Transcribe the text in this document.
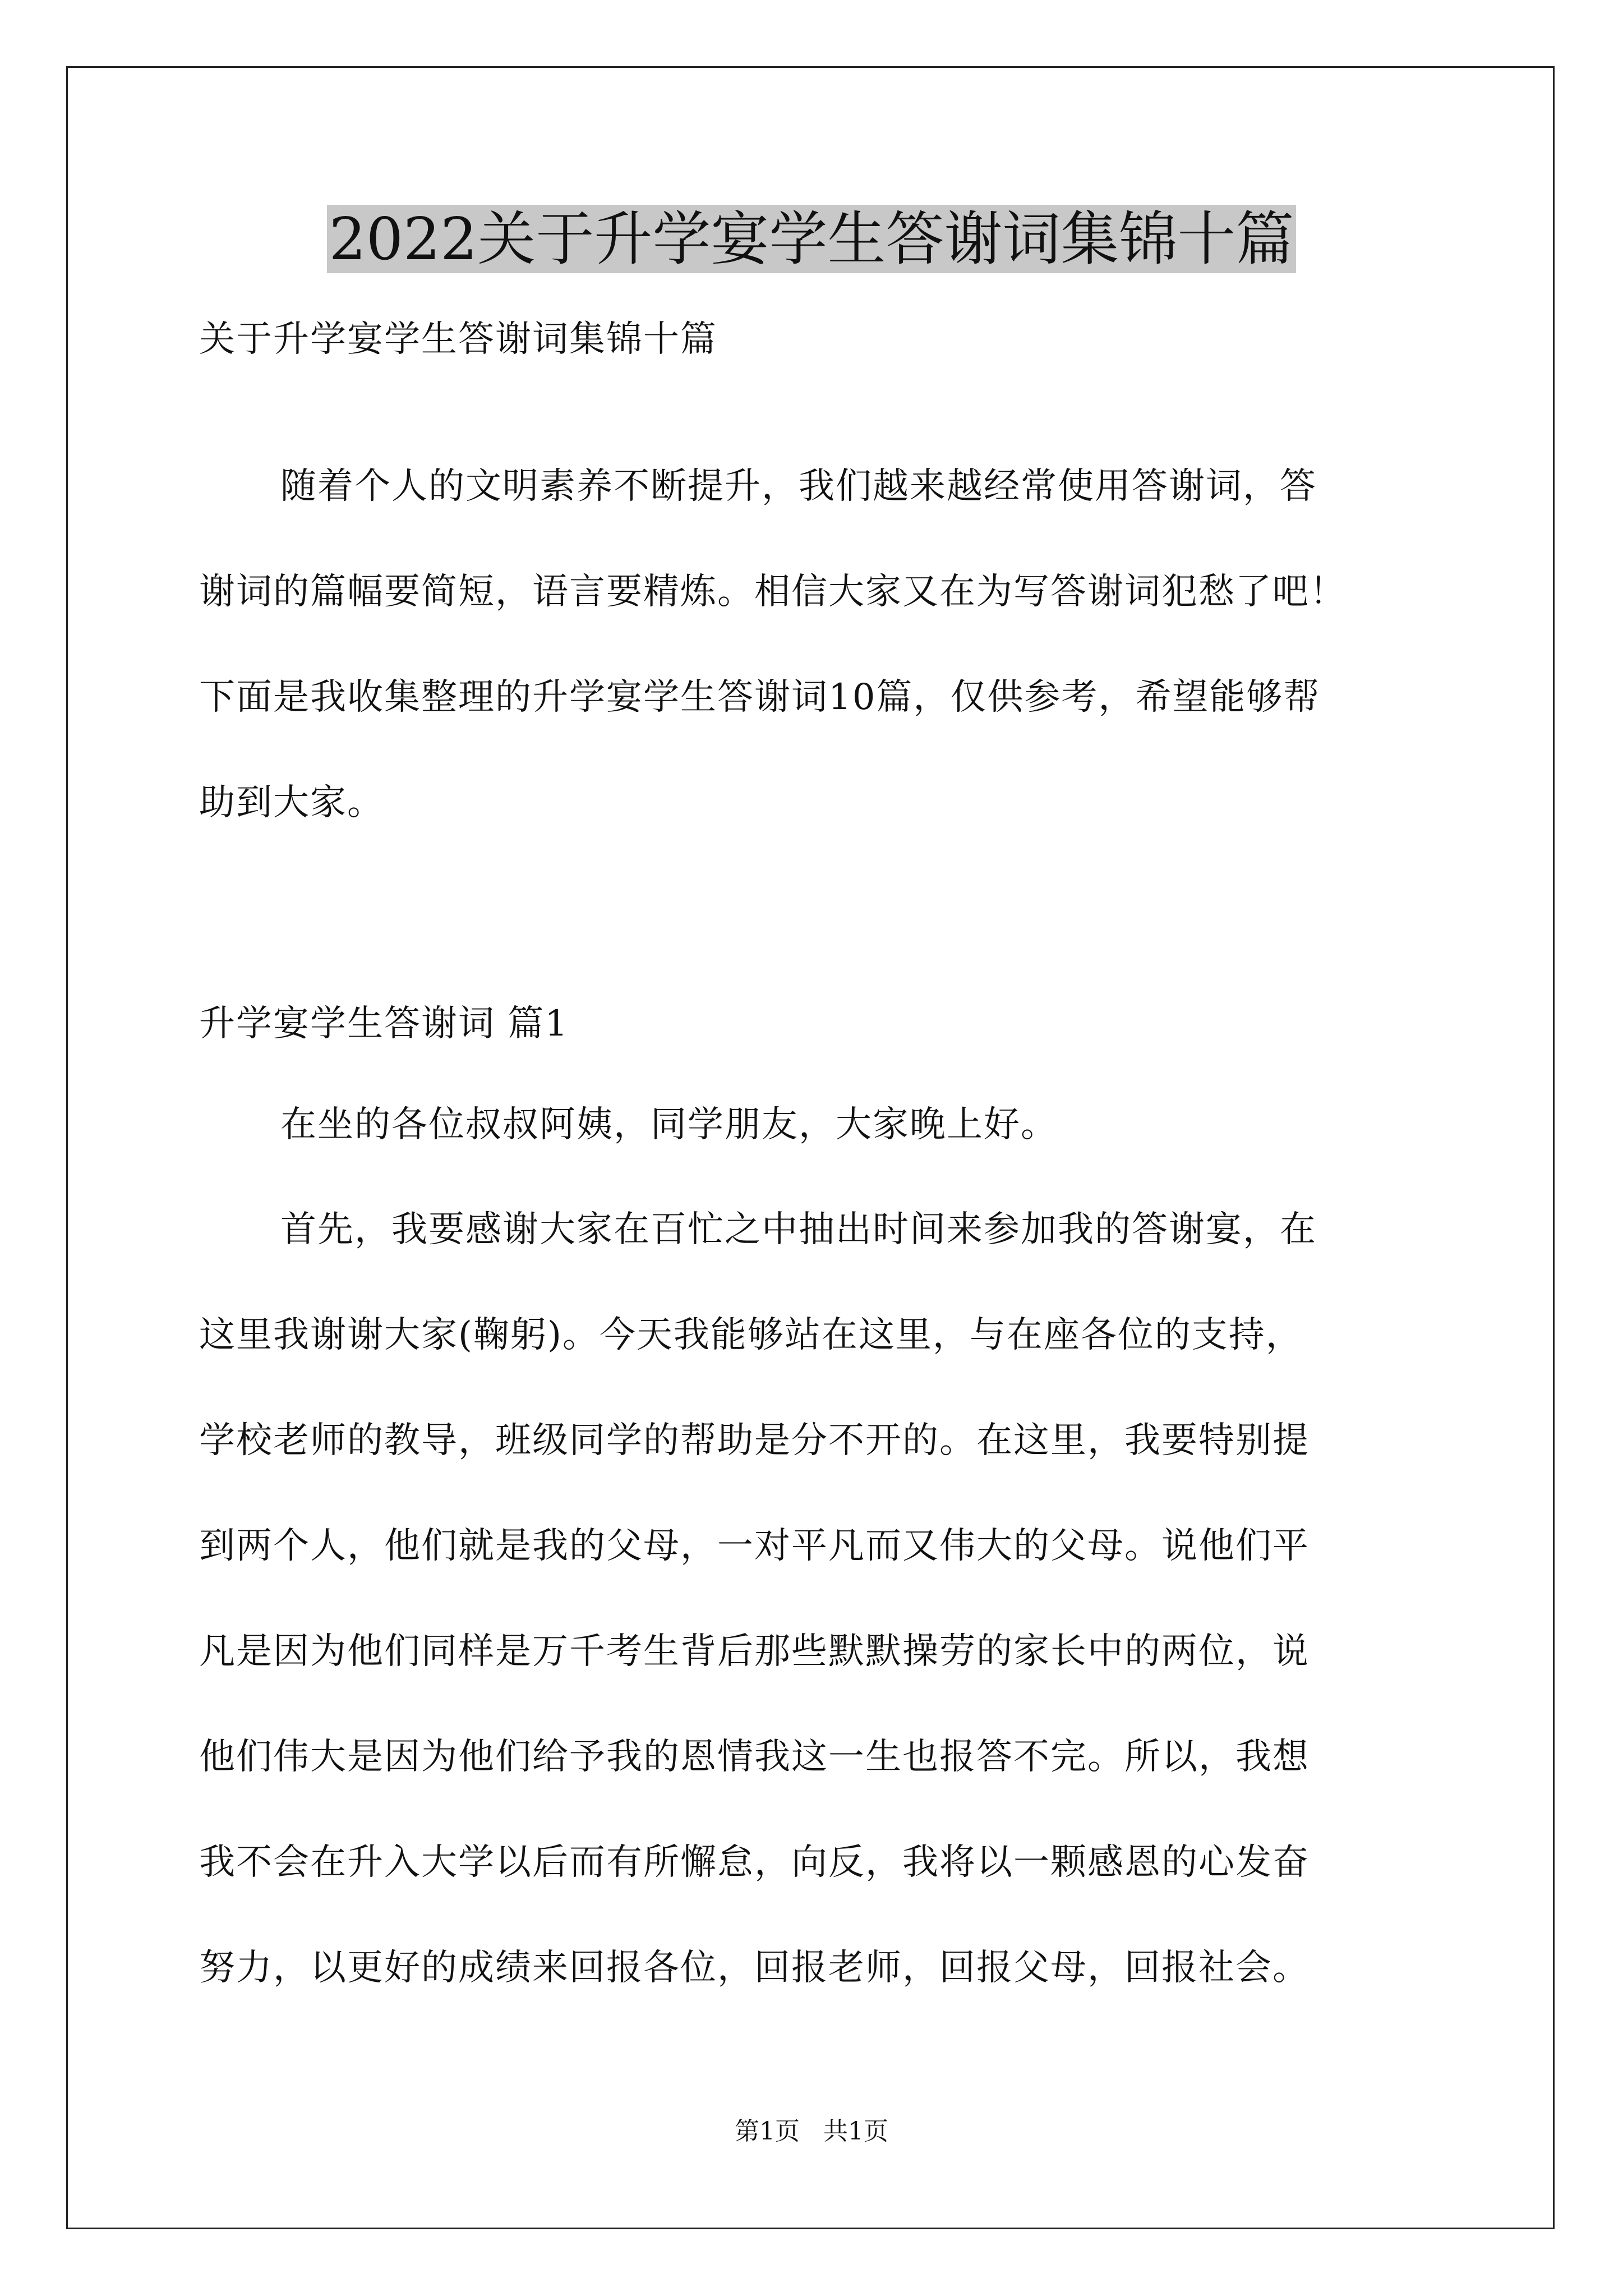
2022关于升学宴学生答谢词集锦十篇
关于升学宴学生答谢词集锦十篇
随着个人的文明素养不断提升，我们越来越经常使用答谢词，答
谢词的篇幅要简短，语言要精炼。相信大家又在为写答谢词犯愁了吧！
下面是我收集整理的升学宴学生答谢词10篇，仅供参考，希望能够帮
助到大家。
升学宴学生答谢词 篇1
在坐的各位叔叔阿姨，同学朋友，大家晚上好。
首先，我要感谢大家在百忙之中抽出时间来参加我的答谢宴，在
这里我谢谢大家(鞠躬)。今天我能够站在这里，与在座各位的支持，
学校老师的教导，班级同学的帮助是分不开的。在这里，我要特别提
到两个人，他们就是我的父母，一对平凡而又伟大的父母。说他们平
凡是因为他们同样是万千考生背后那些默默操劳的家长中的两位，说
他们伟大是因为他们给予我的恩情我这一生也报答不完。所以，我想
我不会在升入大学以后而有所懈怠，向反，我将以一颗感恩的心发奋
努力，以更好的成绩来回报各位，回报老师，回报父母，回报社会。
第1页   共1页
